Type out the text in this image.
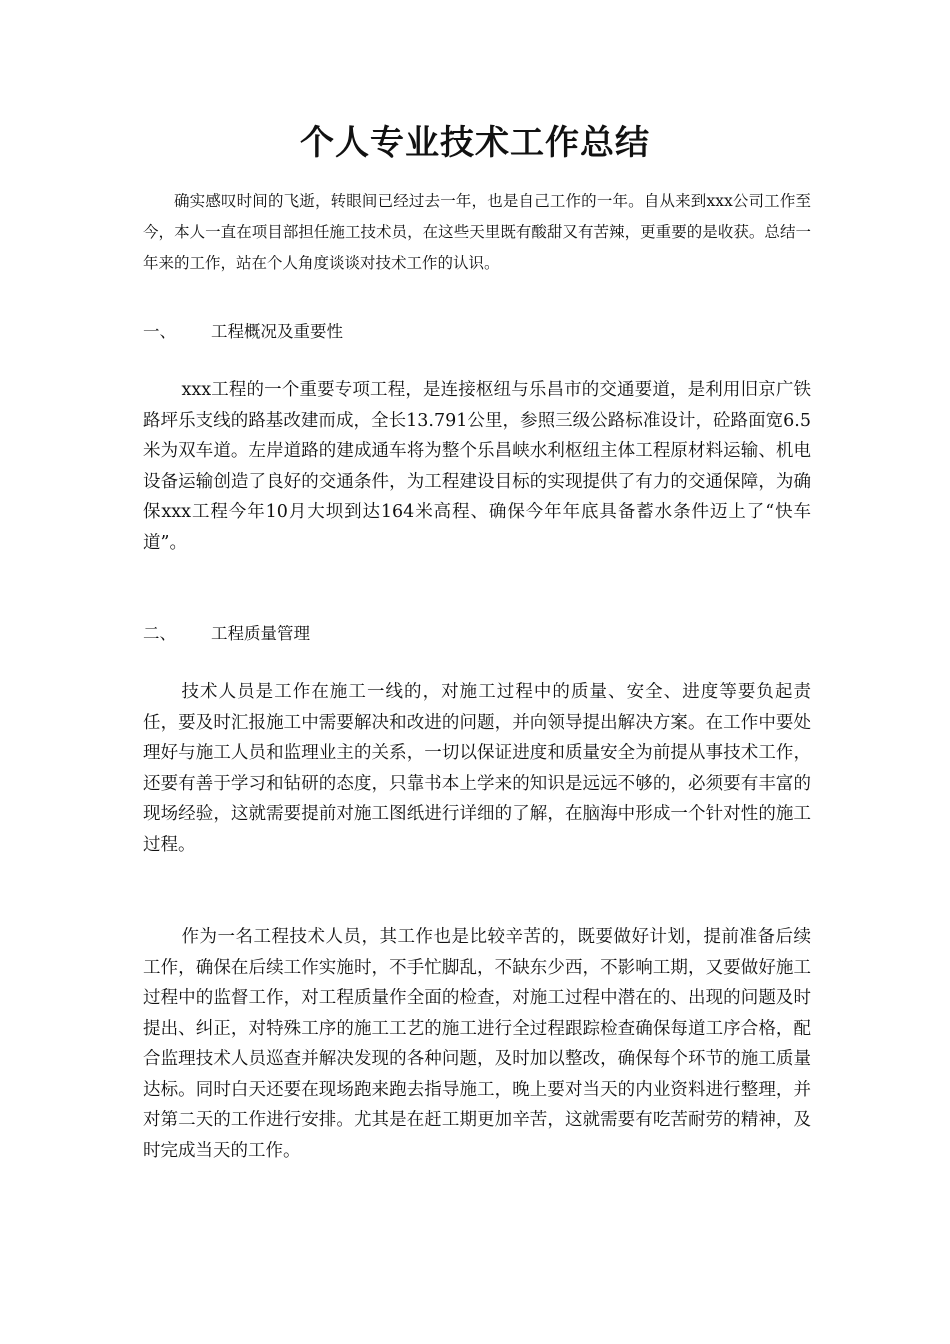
个人专业技术工作总结

确实感叹时间的飞逝，转眼间已经过去一年，也是自己工作的一年。自从来到xxx公司工作至今，本人一直在项目部担任施工技术员，在这些天里既有酸甜又有苦辣，更重要的是收获。总结一年来的工作，站在个人角度谈谈对技术工作的认识。

一、 工程概况及重要性

xxx工程的一个重要专项工程，是连接枢纽与乐昌市的交通要道，是利用旧京广铁路坪乐支线的路基改建而成，全长13.791公里，参照三级公路标准设计，砼路面宽6.5米为双车道。左岸道路的建成通车将为整个乐昌峡水利枢纽主体工程原材料运输、机电设备运输创造了良好的交通条件，为工程建设目标的实现提供了有力的交通保障，为确保xxx工程今年10月大坝到达164米高程、确保今年年底具备蓄水条件迈上了“快车道”。

二、 工程质量管理

技术人员是工作在施工一线的，对施工过程中的质量、安全、进度等要负起责任，要及时汇报施工中需要解决和改进的问题，并向领导提出解决方案。在工作中要处理好与施工人员和监理业主的关系，一切以保证进度和质量安全为前提从事技术工作，还要有善于学习和钻研的态度，只靠书本上学来的知识是远远不够的，必须要有丰富的现场经验，这就需要提前对施工图纸进行详细的了解，在脑海中形成一个针对性的施工过程。

作为一名工程技术人员，其工作也是比较辛苦的，既要做好计划，提前准备后续工作，确保在后续工作实施时，不手忙脚乱，不缺东少西，不影响工期，又要做好施工过程中的监督工作，对工程质量作全面的检查，对施工过程中潜在的、出现的问题及时提出、纠正，对特殊工序的施工工艺的施工进行全过程跟踪检查确保每道工序合格，配合监理技术人员巡查并解决发现的各种问题，及时加以整改，确保每个环节的施工质量达标。同时白天还要在现场跑来跑去指导施工，晚上要对当天的内业资料进行整理，并对第二天的工作进行安排。尤其是在赶工期更加辛苦，这就需要有吃苦耐劳的精神，及时完成当天的工作。
